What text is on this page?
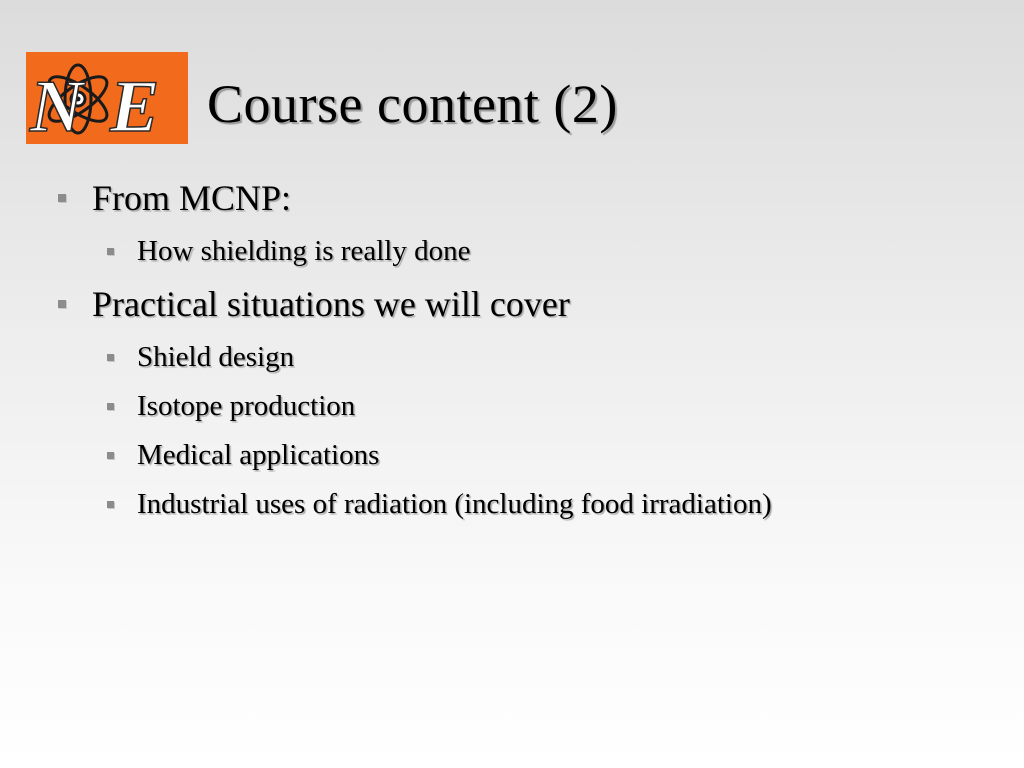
N E Course content (2)
From MCNP:
How shielding is really done
Practical situations we will cover
Shield design
Isotope production
Medical applications
Industrial uses of radiation (including food irradiation)
